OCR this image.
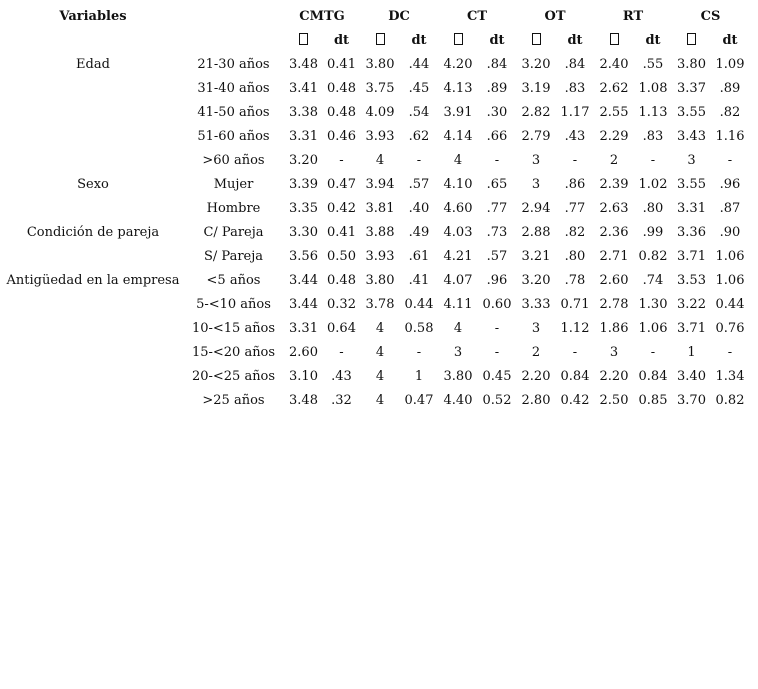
Variables		CMTG		DC		CT		OT		RT		CS	
			dt		dt		dt		dt		dt		dt
Edad	21-30 años	3.48	0.41	3.80	.44	4.20	.84	3.20	.84	2.40	.55	3.80	1.09
	31-40 años	3.41	0.48	3.75	.45	4.13	.89	3.19	.83	2.62	1.08	3.37	.89
	41-50 años	3.38	0.48	4.09	.54	3.91	.30	2.82	1.17	2.55	1.13	3.55	.82
	51-60 años	3.31	0.46	3.93	.62	4.14	.66	2.79	.43	2.29	.83	3.43	1.16
	>60 años	3.20	-	4	-	4	-	3	-	2	-	3	-
Sexo	Mujer	3.39	0.47	3.94	.57	4.10	.65	3	.86	2.39	1.02	3.55	.96
	Hombre	3.35	0.42	3.81	.40	4.60	.77	2.94	.77	2.63	.80	3.31	.87
Condición de pareja	C/ Pareja	3.30	0.41	3.88	.49	4.03	.73	2.88	.82	2.36	.99	3.36	.90
	S/ Pareja	3.56	0.50	3.93	.61	4.21	.57	3.21	.80	2.71	0.82	3.71	1.06
Antigüedad en la empresa	<5 años	3.44	0.48	3.80	.41	4.07	.96	3.20	.78	2.60	.74	3.53	1.06
	5-<10 años	3.44	0.32	3.78	0.44	4.11	0.60	3.33	0.71	2.78	1.30	3.22	0.44
	10-<15 años	3.31	0.64	4	0.58	4	-	3	1.12	1.86	1.06	3.71	0.76
	15-<20 años	2.60	-	4	-	3	-	2	-	3	-	1	-
	20-<25 años	3.10	.43	4	1	3.80	0.45	2.20	0.84	2.20	0.84	3.40	1.34
	>25 años	3.48	.32	4	0.47	4.40	0.52	2.80	0.42	2.50	0.85	3.70	0.82
